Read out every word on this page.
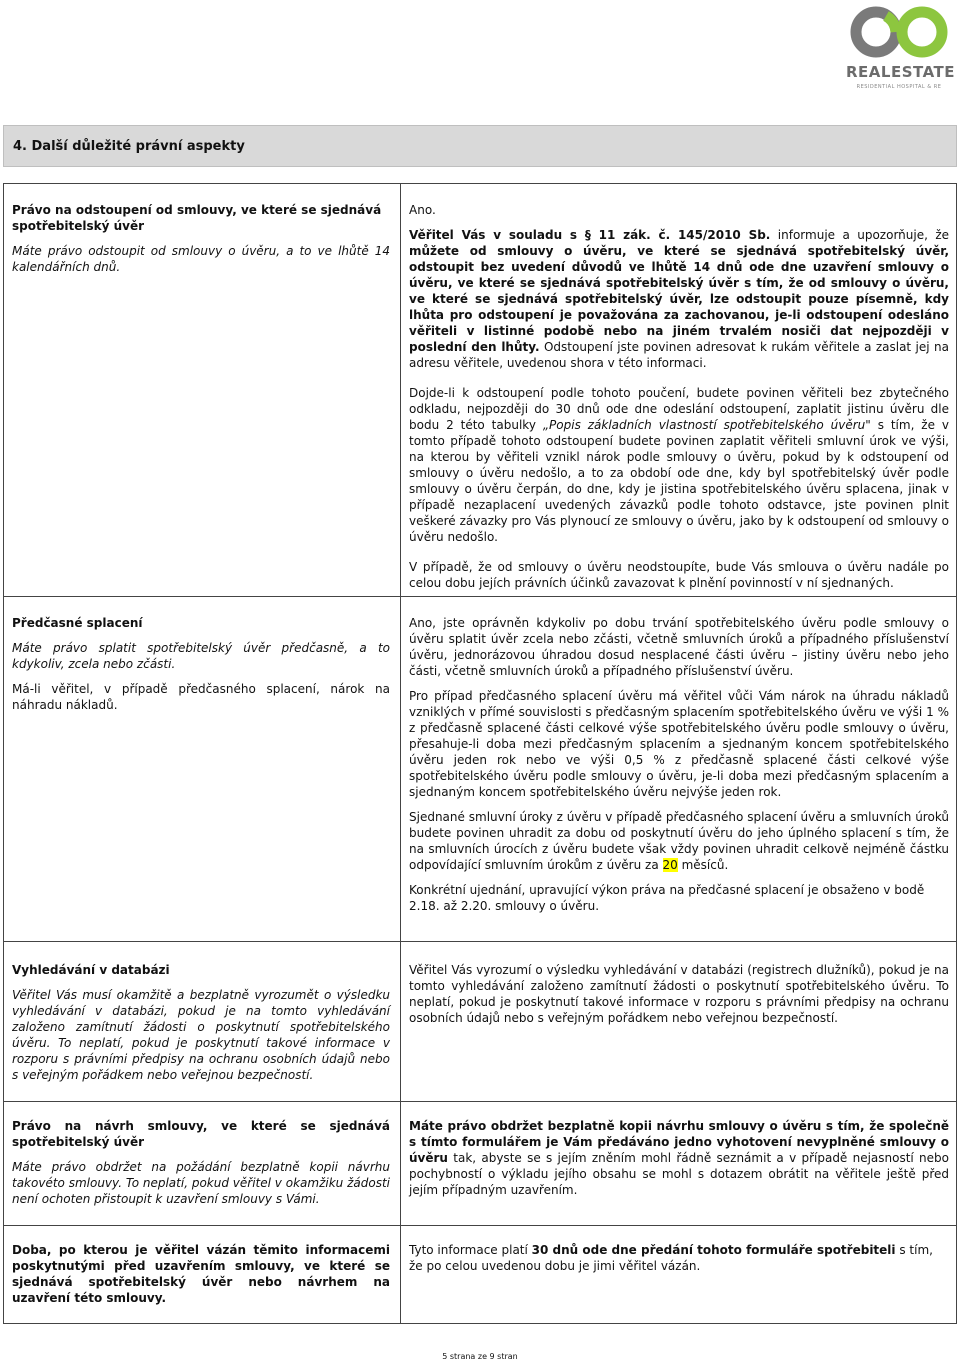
REALESTATE
RESIDENTIAL HOSPITAL & RE
4. Další důležité právní aspekty

Právo na odstoupení od smlouvy, ve které se sjednává spotřebitelský úvěr

Máte právo odstoupit od smlouvy o úvěru, a to ve lhůtě 14 kalendářních dnů.

Ano.

Věřitel Vás v souladu s § 11 zák. č. 145/2010 Sb. informuje a upozorňuje, že můžete od smlouvy o úvěru, ve které se sjednává spotřebitelský úvěr, odstoupit bez uvedení důvodů ve lhůtě 14 dnů ode dne uzavření smlouvy o úvěru, ve které se sjednává spotřebitelský úvěr s tím, že od smlouvy o úvěru, ve které se sjednává spotřebitelský úvěr, lze odstoupit pouze písemně, kdy lhůta pro odstoupení je považována za zachovanou, je-li odstoupení odesláno věřiteli v listinné podobě nebo na jiném trvalém nosiči dat nejpozději v poslední den lhůty. Odstoupení jste povinen adresovat k rukám věřitele a zaslat jej na adresu věřitele, uvedenou shora v této informaci.

Dojde-li k odstoupení podle tohoto poučení, budete povinen věřiteli bez zbytečného odkladu, nejpozději do 30 dnů ode dne odeslání odstoupení, zaplatit jistinu úvěru dle bodu 2 této tabulky „Popis základních vlastností spotřebitelského úvěru" s tím, že v tomto případě tohoto odstoupení budete povinen zaplatit věřiteli smluvní úrok ve výši, na kterou by věřiteli vznikl nárok podle smlouvy o úvěru, pokud by k odstoupení od smlouvy o úvěru nedošlo, a to za období ode dne, kdy byl spotřebitelský úvěr podle smlouvy o úvěru čerpán, do dne, kdy je jistina spotřebitelského úvěru splacena, jinak v případě nezaplacení uvedených závazků podle tohoto odstavce, jste povinen plnit veškeré závazky pro Vás plynoucí ze smlouvy o úvěru, jako by k odstoupení od smlouvy o úvěru nedošlo.

V případě, že od smlouvy o úvěru neodstoupíte, bude Vás smlouva o úvěru nadále po celou dobu jejích právních účinků zavazovat k plnění povinností v ní sjednaných.

Předčasné splacení

Máte právo splatit spotřebitelský úvěr předčasně, a to kdykoliv, zcela nebo zčásti.

Má-li věřitel, v případě předčasného splacení, nárok na náhradu nákladů.

Ano, jste oprávněn kdykoliv po dobu trvání spotřebitelského úvěru podle smlouvy o úvěru splatit úvěr zcela nebo zčásti, včetně smluvních úroků a případného příslušenství úvěru, jednorázovou úhradou dosud nesplacené části úvěru – jistiny úvěru nebo jeho části, včetně smluvních úroků a případného příslušenství úvěru.

Pro případ předčasného splacení úvěru má věřitel vůči Vám nárok na úhradu nákladů vzniklých v přímé souvislosti s předčasným splacením spotřebitelského úvěru ve výši 1 % z předčasně splacené části celkové výše spotřebitelského úvěru podle smlouvy o úvěru, přesahuje-li doba mezi předčasným splacením a sjednaným koncem spotřebitelského úvěru jeden rok nebo ve výši 0,5 % z předčasně splacené části celkové výše spotřebitelského úvěru podle smlouvy o úvěru, je-li doba mezi předčasným splacením a sjednaným koncem spotřebitelského úvěru nejvýše jeden rok.

Sjednané smluvní úroky z úvěru v případě předčasného splacení úvěru a smluvních úroků budete povinen uhradit za dobu od poskytnutí úvěru do jeho úplného splacení s tím, že na smluvních úrocích z úvěru budete však vždy povinen uhradit celkově nejméně částku odpovídající smluvním úrokům z úvěru za 20 měsíců.

Konkrétní ujednání, upravující výkon práva na předčasné splacení je obsaženo v bodě 2.18. až 2.20. smlouvy o úvěru.

Vyhledávání v databázi

Věřitel Vás musí okamžitě a bezplatně vyrozumět o výsledku vyhledávání v databázi, pokud je na tomto vyhledávání založeno zamítnutí žádosti o poskytnutí spotřebitelského úvěru. To neplatí, pokud je poskytnutí takové informace v rozporu s právními předpisy na ochranu osobních údajů nebo s veřejným pořádkem nebo veřejnou bezpečností.

Věřitel Vás vyrozumí o výsledku vyhledávání v databázi (registrech dlužníků), pokud je na tomto vyhledávání založeno zamítnutí žádosti o poskytnutí spotřebitelského úvěru. To neplatí, pokud je poskytnutí takové informace v rozporu s právními předpisy na ochranu osobních údajů nebo s veřejným pořádkem nebo veřejnou bezpečností.

Právo na návrh smlouvy, ve které se sjednává spotřebitelský úvěr

Máte právo obdržet na požádání bezplatně kopii návrhu takovéto smlouvy. To neplatí, pokud věřitel v okamžiku žádosti není ochoten přistoupit k uzavření smlouvy s Vámi.

Máte právo obdržet bezplatně kopii návrhu smlouvy o úvěru s tím, že společně s tímto formulářem je Vám předáváno jedno vyhotovení nevyplněné smlouvy o úvěru tak, abyste se s jejím zněním mohl řádně seznámit a v případě nejasností nebo pochybností o výkladu jejího obsahu se mohl s dotazem obrátit na věřitele ještě před jejím případným uzavřením.

Doba, po kterou je věřitel vázán těmito informacemi poskytnutými před uzavřením smlouvy, ve které se sjednává spotřebitelský úvěr nebo návrhem na uzavření této smlouvy.

Tyto informace platí 30 dnů ode dne předání tohoto formuláře spotřebiteli s tím, že po celou uvedenou dobu je jimi věřitel vázán.

5 strana ze 9 stran
